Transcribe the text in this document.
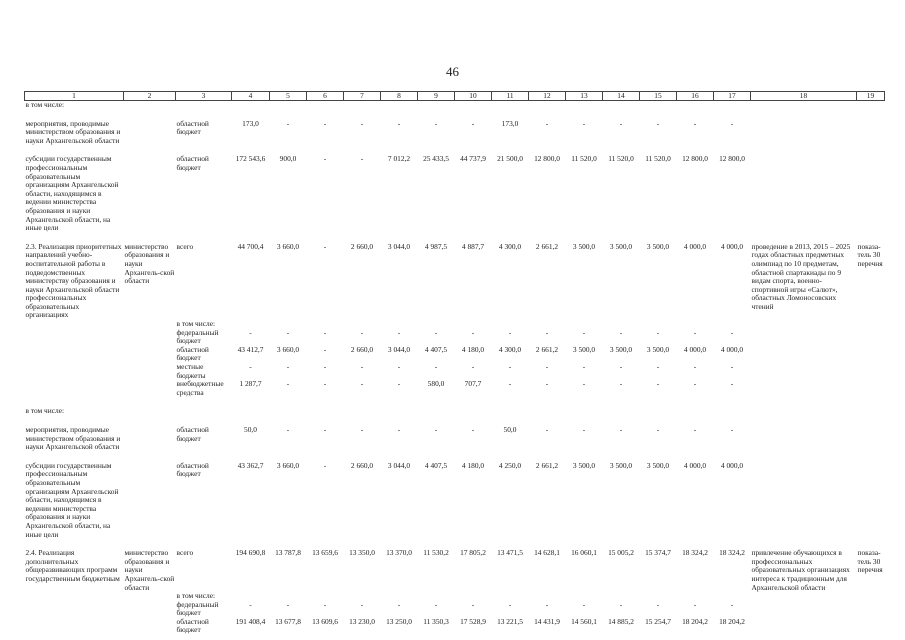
46
1	2	3	4	5	6	7	8	9	10	11	12	13	14	15	16	17	18	19
в том числе:																		

мероприятия, проводимые министерством образования и науки Архангельской области		областной бюджет	173,0	-	-	-	-	-	-	173,0	-	-	-	-	-	-		

субсидии государственным профессиональным образовательным организациям Архангельской области, находящимся в ведении министерства образования и науки Архангельской области, на иные цели		областной бюджет	172 543,6	900,0	-	-	7 012,2	25 433,5	44 737,9	21 500,0	12 800,0	11 520,0	11 520,0	11 520,0	12 800,0	12 800,0		

2.3. Реализация приоритетных направлений учебно-воспитательной работы в подведомственных министерству образования и науки Архангельской области профессиональных образовательных организациях	министерство образования и науки Архангель-ской области	всего	44 700,4	3 660,0	-	2 660,0	3 044,0	4 987,5	4 887,7	4 300,0	2 661,2	3 500,0	3 500,0	3 500,0	4 000,0	4 000,0	проведение в 2013, 2015 – 2025 годах областных предметных олимпиад по 10 предметам, областной спартакиады по 9 видам спорта, военно-спортивной игры «Салют», областных Ломоносовских чтений	показа-тель 30 перечня
		в том числе:																
		федеральный бюджет	-	-	-	-	-	-	-	-	-	-	-	-	-	-		
		областной бюджет	43 412,7	3 660,0	-	2 660,0	3 044,0	4 407,5	4 180,0	4 300,0	2 661,2	3 500,0	3 500,0	3 500,0	4 000,0	4 000,0		
		местные бюджеты	-	-	-	-	-	-	-	-	-	-	-	-	-	-		
		внебюджетные средства	1 287,7	-	-	-	-	580,0	707,7	-	-	-	-	-	-	-		

в том числе:																		

мероприятия, проводимые министерством образования и науки Архангельской области		областной бюджет	50,0	-	-	-	-	-	-	50,0	-	-	-	-	-	-		

субсидии государственным профессиональным образовательным организациям Архангельской области, находящимся в ведении министерства образования и науки Архангельской области, на иные цели		областной бюджет	43 362,7	3 660,0	-	2 660,0	3 044,0	4 407,5	4 180,0	4 250,0	2 661,2	3 500,0	3 500,0	3 500,0	4 000,0	4 000,0		

2.4. Реализация дополнительных общеразвивающих программ государственным бюджетным	министерство образования и науки Архангель-ской области	всего	194 690,8	13 787,8	13 659,6	13 350,0	13 370,0	11 530,2	17 805,2	13 471,5	14 628,1	16 060,1	15 005,2	15 374,7	18 324,2	18 324,2	привлечение обучающихся в профессиональных образовательных организациях интереса к традиционным для Архангельской области	показа-тель 30 перечня
		в том числе:																
		федеральный бюджет	-	-	-	-	-	-	-	-	-	-	-	-	-	-		
		областной бюджет	191 408,4	13 677,8	13 609,6	13 230,0	13 250,0	11 350,3	17 528,9	13 221,5	14 431,9	14 560,1	14 885,2	15 254,7	18 204,2	18 204,2		
